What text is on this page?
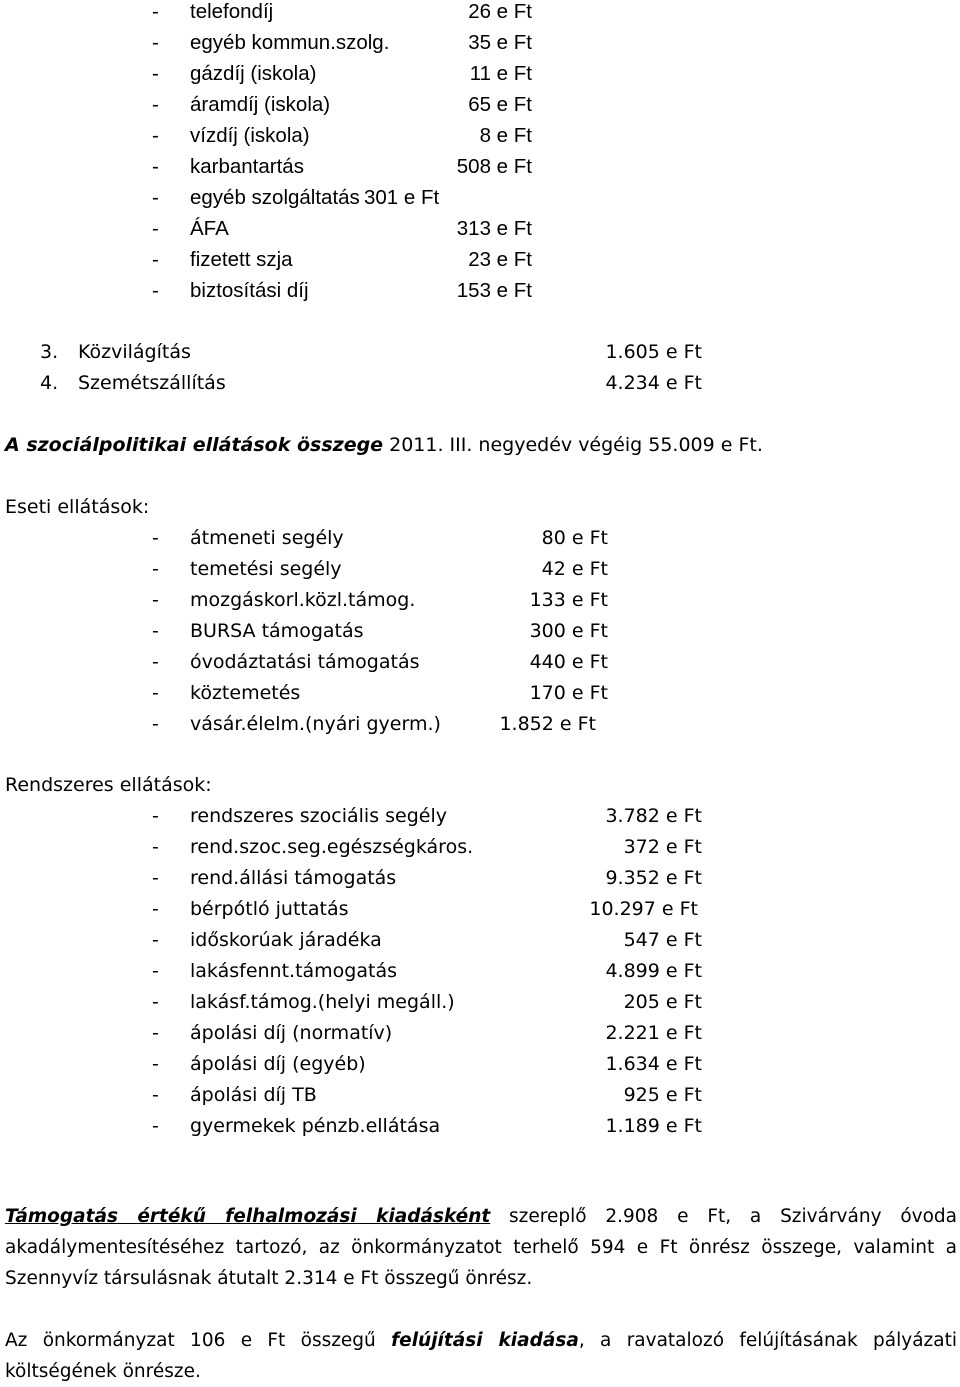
- telefondíj	26 e Ft
- egyéb kommun.szolg.	35 e Ft
- gázdíj (iskola)	11 e Ft
- áramdíj (iskola)	65 e Ft
- vízdíj (iskola)	8 e Ft
- karbantartás	508 e Ft
- egyéb szolgáltatás 301 e Ft
- ÁFA	313 e Ft
- fizetett szja	23 e Ft
- biztosítási díj	153 e Ft
3. Közvilágítás	1.605 e Ft
4. Szemétszállítás	4.234 e Ft
A szociálpolitikai ellátások összege 2011. III. negyedév végéig 55.009 e Ft.
Eseti ellátások:
- átmeneti segély	80 e Ft
- temetési segély	42 e Ft
- mozgáskorl.közl.támog.	133 e Ft
- BURSA támogatás	300 e Ft
- óvodáztatási támogatás	440 e Ft
- köztemetés	170 e Ft
- vásár.élelm.(nyári gyerm.)	1.852 e Ft
Rendszeres ellátások:
- rendszeres szociális segély	3.782 e Ft
- rend.szoc.seg.egészségkáros.	372 e Ft
- rend.állási támogatás	9.352 e Ft
- bérpótló juttatás	10.297 e Ft
- időskorúak járadéka	547 e Ft
- lakásfennt.támogatás	4.899 e Ft
- lakásf.támog.(helyi megáll.)	205 e Ft
- ápolási díj (normatív)	2.221 e Ft
- ápolási díj (egyéb)	1.634 e Ft
- ápolási díj TB	925 e Ft
- gyermekek pénzb.ellátása	1.189 e Ft
Támogatás értékű felhalmozási kiadásként szereplő 2.908 e Ft, a Szivárvány óvoda akadálymentesítéséhez tartozó, az önkormányzatot terhelő 594 e Ft önrész összege, valamint a Szennyvíz társulásnak átutalt 2.314 e Ft összegű önrész.
Az önkormányzat 106 e Ft összegű felújítási kiadása, a ravatalozó felújításának pályázati költségének önrésze.
